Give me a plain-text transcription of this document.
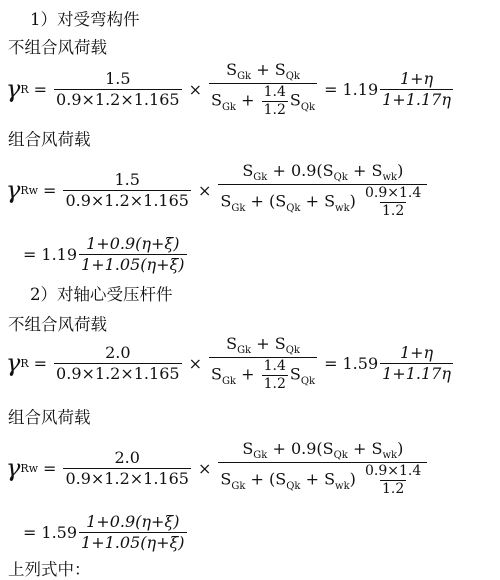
1）对受弯构件
不组合风荷载
γ $R = \frac{1.5}{0.9\times 1.2\times 1.165} \times \frac{S_{Gk} + S_{Qk}}{S_{Gk} + \frac{1.4}{1.2} S_{Qk}} = 1.19 \frac{1+\eta}{1+1.17\eta}$
组合风荷载
γ $Rw = \frac{1.5}{0.9\times 1.2\times 1.165} \times \frac{S_{Gk} + 0.9(S_{Qk} + S_{wk})}{S_{Gk} + (S_{Qk} + S_{wk}) \frac{0.9\times 1.4}{1.2}}$
= $1.19 \frac{1+0.9(\eta+\xi)}{1+1.05(\eta+\xi)}$
2）对轴心受压杆件
不组合风荷载
γ $R = \frac{2.0}{0.9\times 1.2\times 1.165} \times \frac{S_{Gk} + S_{Qk}}{S_{Gk} + \frac{1.4}{1.2} S_{Qk}} = 1.59 \frac{1+\eta}{1+1.17\eta}$
组合风荷载
γ $Rw = \frac{2.0}{0.9\times 1.2\times 1.165} \times \frac{S_{Gk} + 0.9(S_{Qk} + S_{wk})}{S_{Gk} + (S_{Qk} + S_{wk}) \frac{0.9\times 1.4}{1.2}}$
= $1.59 \frac{1+0.9(\eta+\xi)}{1+1.05(\eta+\xi)}$
上列式中：
